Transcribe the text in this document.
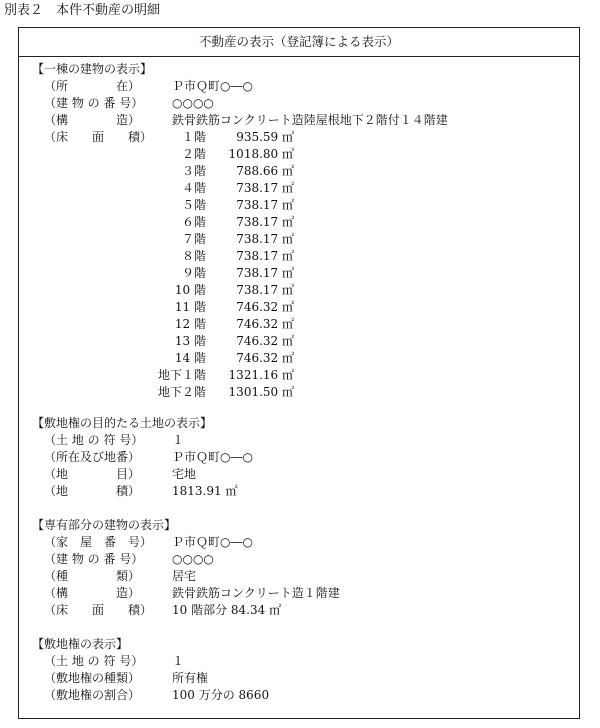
別表２　本件不動産の明細
不動産の表示（登記簿による表示）
【一棟の建物の表示】
（所　　　　在）	Ｐ市Ｑ町○―○
（建 物 の 番 号） ○○○○
（構　　　　造）	鉄骨鉄筋コンクリート造陸屋根地下２階付１４階建
（床　　面　　積）	１階	935.59 ㎡
２階	1018.80 ㎡
３階	788.66 ㎡
４階	738.17 ㎡
５階	738.17 ㎡
６階	738.17 ㎡
７階	738.17 ㎡
８階	738.17 ㎡
９階	738.17 ㎡
10 階	738.17 ㎡
11 階	746.32 ㎡
12 階	746.32 ㎡
13 階	746.32 ㎡
14 階	746.32 ㎡
地下１階	1321.16 ㎡
地下２階	1301.50 ㎡
【敷地権の目的たる土地の表示】
（土 地 の 符 号） １
（所在及び地番）	Ｐ市Ｑ町○―○
（地　　　　目）	宅地
（地　　　　積）	1813.91 ㎡
【専有部分の建物の表示】
（家　屋　番　号） Ｐ市Ｑ町○―○
（建 物 の 番 号） ○○○○
（種　　　　類）	居宅
（構　　　　造）	鉄骨鉄筋コンクリート造１階建
（床　　面　　積） 10 階部分 84.34 ㎡
【敷地権の表示】
（土 地 の 符 号） １
（敷地権の種類）	所有権
（敷地権の割合）	100 万分の 8660
